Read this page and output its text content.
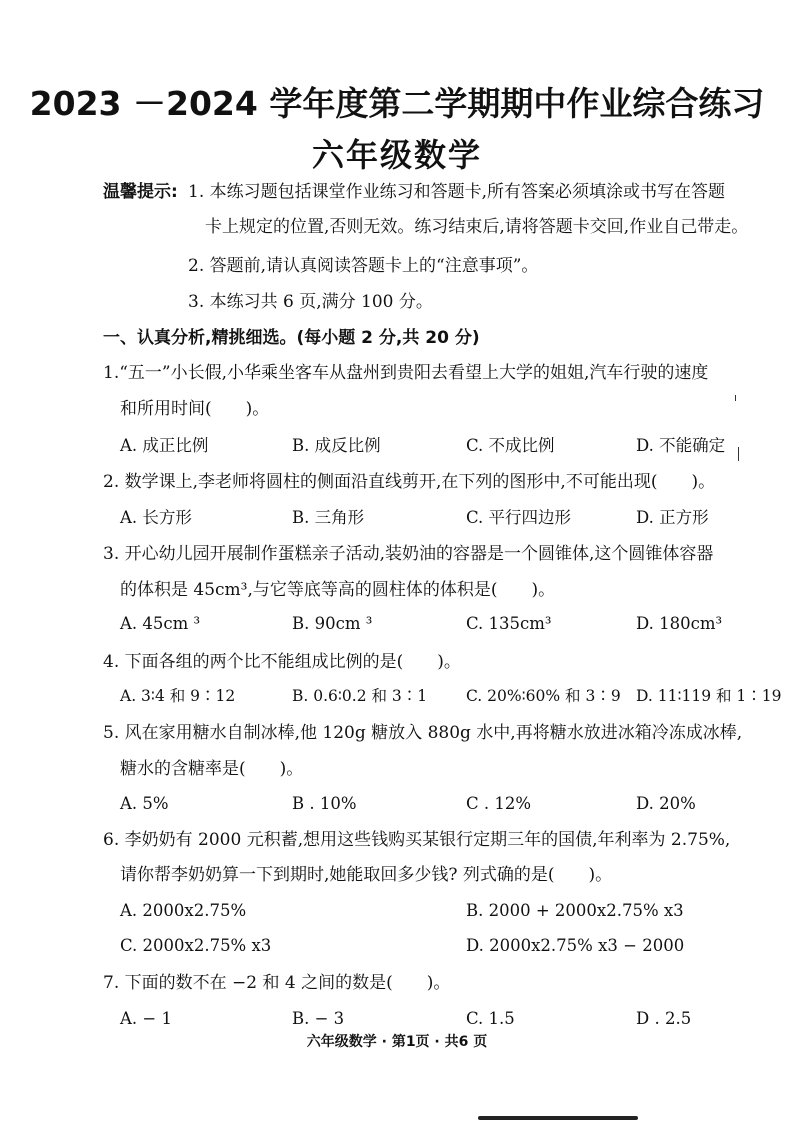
2023 －2024 学年度第二学期期中作业综合练习
六年级数学
温馨提示: 1. 本练习题包括课堂作业练习和答题卡,所有答案必须填涂或书写在答题
卡上规定的位置,否则无效。练习结束后,请将答题卡交回,作业自己带走。
2. 答题前,请认真阅读答题卡上的“注意事项”。
3. 本练习共 6 页,满分 100 分。
一、认真分析,精挑细选。(每小题 2 分,共 20 分)
1.“五一”小长假,小华乘坐客车从盘州到贵阳去看望上大学的姐姐,汽车行驶的速度
和所用时间(　　)。
A. 成正比例	B. 成反比例	C. 不成比例	D. 不能确定
2. 数学课上,李老师将圆柱的侧面沿直线剪开,在下列的图形中,不可能出现(　　)。
A. 长方形	B. 三角形	C. 平行四边形	D. 正方形
3. 开心幼儿园开展制作蛋糕亲子活动,装奶油的容器是一个圆锥体,这个圆锥体容器
的体积是 45cm³,与它等底等高的圆柱体的体积是(　　)。
A. 45cm ³	B. 90cm ³	C. 135cm³	D. 180cm³
4. 下面各组的两个比不能组成比例的是(　　)。
A. 3∶4 和 9∶12	B. 0.6∶0.2 和 3∶1	C. 20%∶60% 和 3∶9 D. 11∶119 和 1∶19
5. 风在家用糖水自制冰棒,他 120g 糖放入 880g 水中,再将糖水放进冰箱冷冻成冰棒,
糖水的含糖率是(　　)。
A. 5%	B . 10%	C . 12%	D. 20%
6. 李奶奶有 2000 元积蓄,想用这些钱购买某银行定期三年的国债,年利率为 2.75%,
请你帮李奶奶算一下到期时,她能取回多少钱? 列式确的是(　　)。
A. 2000x2.75%	B. 2000 + 2000x2.75% x3
C. 2000x2.75% x3	D. 2000x2.75% x3 − 2000
7. 下面的数不在 −2 和 4 之间的数是(　　)。
A. − 1	B. − 3	C. 1.5	D . 2.5
六年级数学 · 第1页 · 共6 页
